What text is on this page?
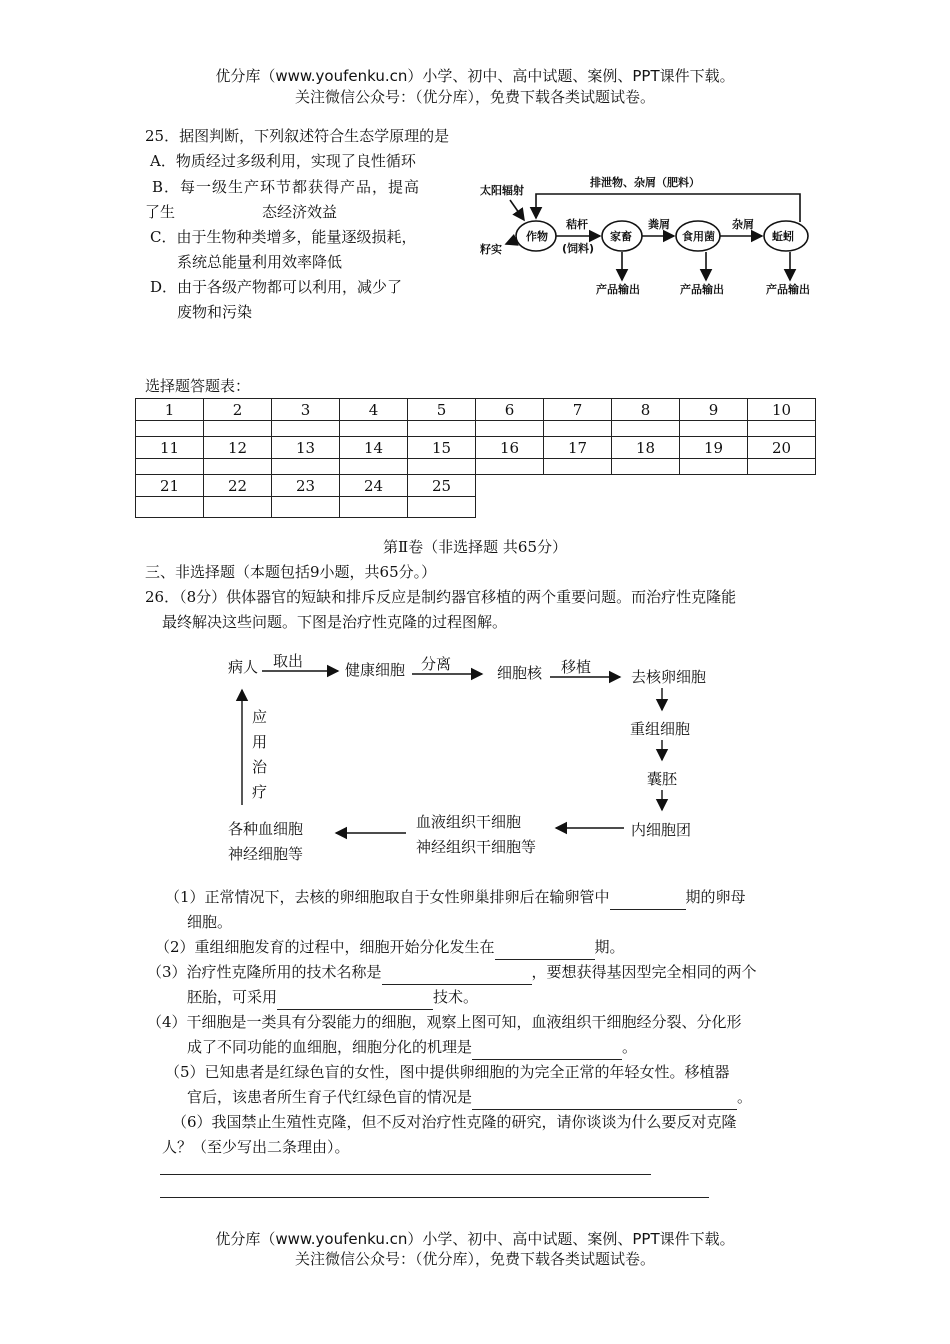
优分库（www.youfenku.cn）小学、初中、高中试题、案例、PPT课件下载。
关注微信公众号：（优分库），免费下载各类试题试卷。
25．据图判断，下列叙述符合生态学原理的是
A．物质经过多级利用，实现了良性循环
B．每一级生产环节都获得产品，提高
了生	态经济效益
C．由于生物种类增多，能量逐级损耗，
系统总能量利用效率降低
D．由于各级产物都可以利用，减少了
废物和污染
太阳辐射
排泄物、杂屑（肥料）
作物
籽实
秸杆
(饲料)
家畜
粪屑
食用菌
杂屑
蚯蚓
产品输出	产品输出	产品输出
选择题答题表：
1	2	3	4	5	6	7	8	9	10

11	12	13	14	15	16	17	18	19	20

21	22	23	24	25					

第Ⅱ卷（非选择题 共65分）
三、非选择题（本题包括9小题，共65分。）
26．（8分）供体器官的短缺和排斥反应是制约器官移植的两个重要问题。而治疗性克隆能
最终解决这些问题。下图是治疗性克隆的过程图解。
病人 取出	健康细胞 分离	细胞核 移植
去核卵细胞
重组细胞
囊胚
内细胞团
血液组织干细胞
神经组织干细胞等
各种血细胞
神经细胞等
应
用
治
疗
（1）正常情况下，去核的卵细胞取自于女性卵巢排卵后在输卵管中	期的卵母
细胞。
（2）重组细胞发育的过程中，细胞开始分化发生在	期。
（3）治疗性克隆所用的技术名称是	，要想获得基因型完全相同的两个
胚胎，可采用	技术。
（4）干细胞是一类具有分裂能力的细胞，观察上图可知，血液组织干细胞经分裂、分化形
成了不同功能的血细胞，细胞分化的机理是	。
（5）已知患者是红绿色盲的女性，图中提供卵细胞的为完全正常的年轻女性。移植器
官后，该患者所生育子代红绿色盲的情况是	。
（6）我国禁止生殖性克隆，但不反对治疗性克隆的研究，请你谈谈为什么要反对克隆
人？（至少写出二条理由）。
优分库（www.youfenku.cn）小学、初中、高中试题、案例、PPT课件下载。
关注微信公众号：（优分库），免费下载各类试题试卷。
